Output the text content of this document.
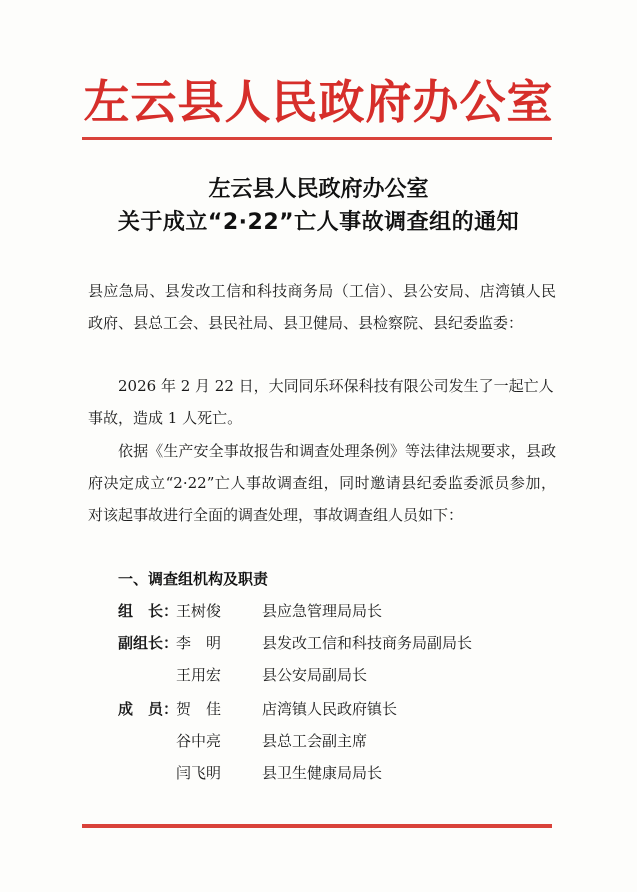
左云县人民政府办公室
左云县人民政府办公室
关于成立“2·22”亡人事故调查组的通知
县应急局、县发改工信和科技商务局（工信）、县公安局、店湾镇人民政府、县总工会、县民社局、县卫健局、县检察院、县纪委监委：
2026 年 2 月 22 日，大同同乐环保科技有限公司发生了一起亡人事故，造成 1 人死亡。
依据《生产安全事故报告和调查处理条例》等法律法规要求，县政府决定成立“2·22”亡人事故调查组，同时邀请县纪委监委派员参加，对该起事故进行全面的调查处理，事故调查组人员如下：
一、调查组机构及职责
组　长：王树俊	县应急管理局局长
副组长：李　明	县发改工信和科技商务局副局长
王用宏	县公安局副局长
成　员：贺　佳	店湾镇人民政府镇长
谷中亮	县总工会副主席
闫飞明	县卫生健康局局长
